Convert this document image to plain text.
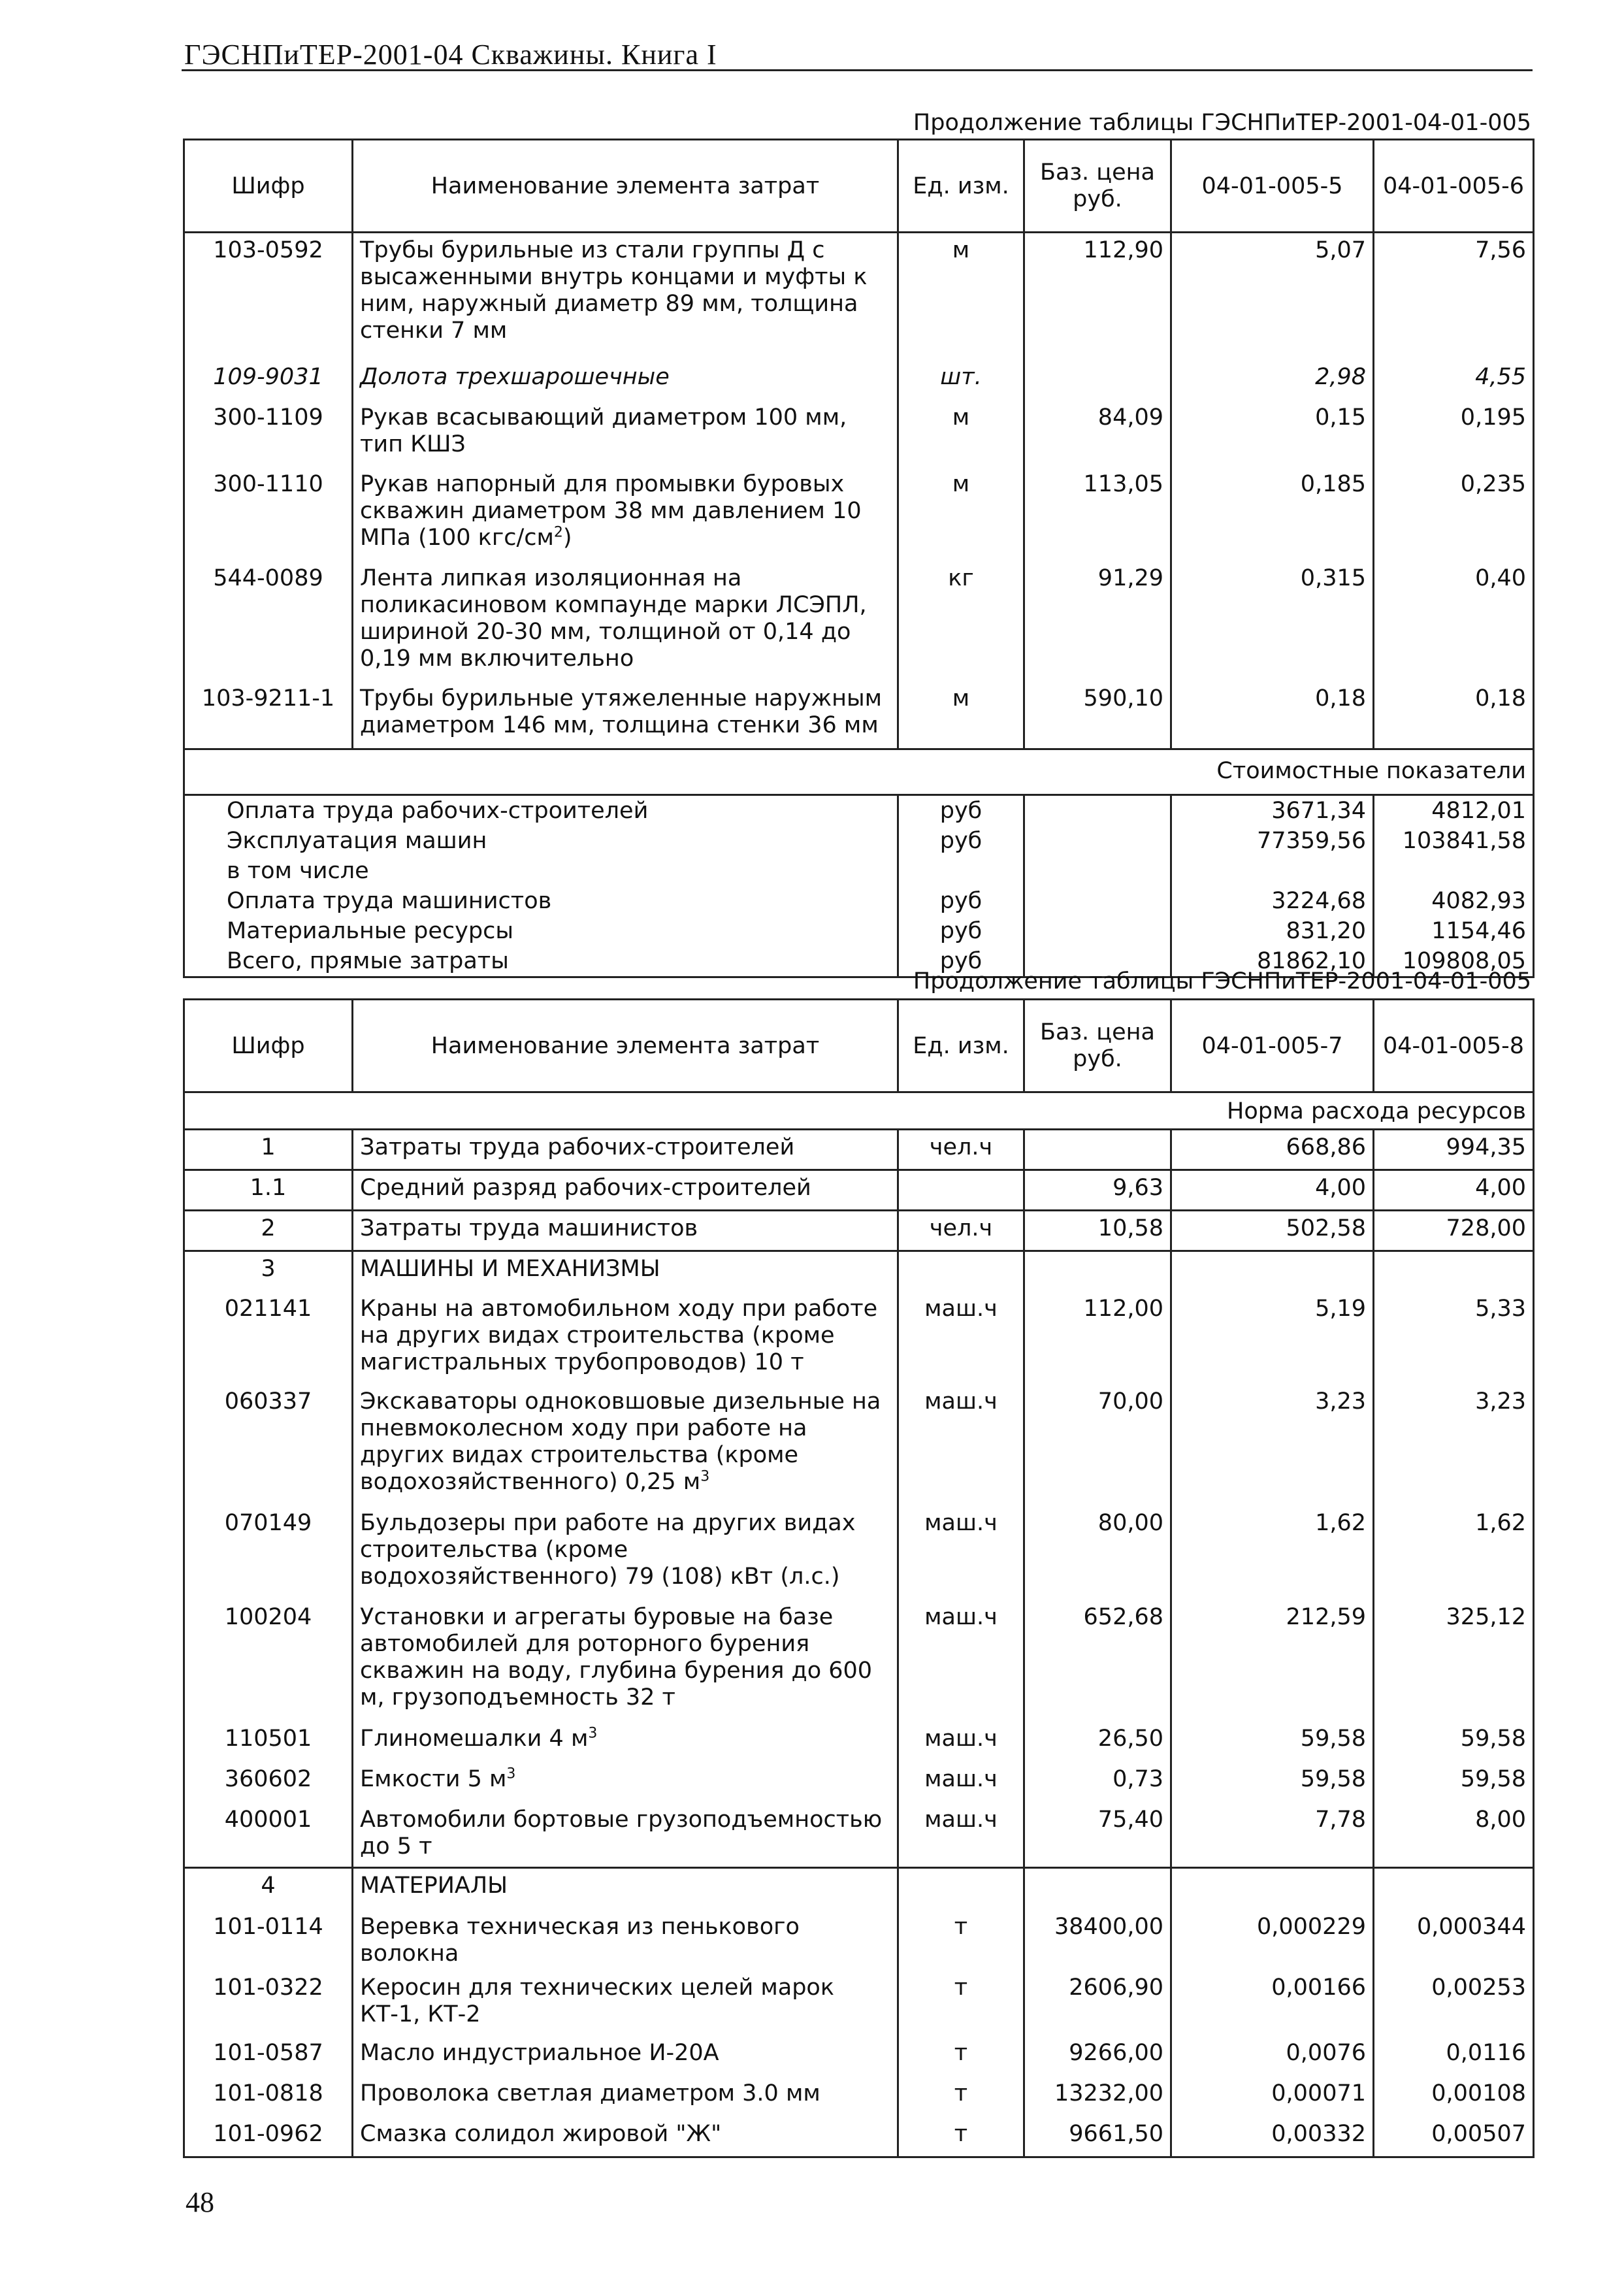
ГЭСНПиТЕР-2001-04 Скважины. Книга I
Продолжение таблицы ГЭСНПиТЕР-2001-04-01-005
Шифр	Наименование элемента затрат	Ед. изм.	Баз. цена руб.	04-01-005-5	04-01-005-6
103-0592	Трубы бурильные из стали группы Д с высаженными внутрь концами и муфты к ним, наружный диаметр 89 мм, толщина стенки 7 мм	м	112,90	5,07	7,56
109-9031	Долота трехшарошечные	шт.		2,98	4,55
300-1109	Рукав всасывающий диаметром 100 мм, тип КШЗ	м	84,09	0,15	0,195
300-1110	Рукав напорный для промывки буровых скважин диаметром 38 мм давлением 10 МПа (100 кгс/$см^2$)	м	113,05	0,185	0,235
544-0089	Лента липкая изоляционная на поликасиновом компаунде марки ЛСЭПЛ, шириной 20-30 мм, толщиной от 0,14 до 0,19 мм включительно	кг	91,29	0,315	0,40
103-9211-1	Трубы бурильные утяжеленные наружным диаметром 146 мм, толщина стенки 36 мм	м	590,10	0,18	0,18
Стоимостные показатели					
Оплата труда рабочих-строителей		руб		3671,34	4812,01
Эксплуатация машин		руб		77359,56	103841,58
в том числе					
Оплата труда машинистов		руб		3224,68	4082,93
Материальные ресурсы		руб		831,20	1154,46
Всего, прямые затраты		руб		81862,10	109808,05
Продолжение таблицы ГЭСНПиТЕР-2001-04-01-005
Шифр	Наименование элемента затрат	Ед. изм.	Баз. цена руб.	04-01-005-7	04-01-005-8
Норма расхода ресурсов					
1	Затраты труда рабочих-строителей	чел.ч		668,86	994,35
1.1	Средний разряд рабочих-строителей		9,63	4,00	4,00
2	Затраты труда машинистов	чел.ч	10,58	502,58	728,00
3	МАШИНЫ И МЕХАНИЗМЫ				
021141	Краны на автомобильном ходу при работе на других видах строительства (кроме магистральных трубопроводов) 10 т	маш.ч	112,00	5,19	5,33
060337	Экскаваторы одноковшовые дизельные на пневмоколесном ходу при работе на других видах строительства (кроме водохозяйственного) 0,25 $м^3$	маш.ч	70,00	3,23	3,23
070149	Бульдозеры при работе на других видах строительства (кроме водохозяйственного) 79 (108) кВт (л.с.)	маш.ч	80,00	1,62	1,62
100204	Установки и агрегаты буровые на базе автомобилей для роторного бурения скважин на воду, глубина бурения до 600 м, грузоподъемность 32 т	маш.ч	652,68	212,59	325,12
110501	Глиномешалки 4 $м^3$	маш.ч	26,50	59,58	59,58
360602	Емкости 5 $м^3$	маш.ч	0,73	59,58	59,58
400001	Автомобили бортовые грузоподъемностью до 5 т	маш.ч	75,40	7,78	8,00
4	МАТЕРИАЛЫ				
101-0114	Веревка техническая из пенькового волокна	т	38400,00	0,000229	0,000344
101-0322	Керосин для технических целей марок КТ-1, КТ-2	т	2606,90	0,00166	0,00253
101-0587	Масло индустриальное И-20А	т	9266,00	0,0076	0,0116
101-0818	Проволока светлая диаметром 3.0 мм	т	13232,00	0,00071	0,00108
101-0962	Смазка солидол жировой "Ж"	т	9661,50	0,00332	0,00507
48
